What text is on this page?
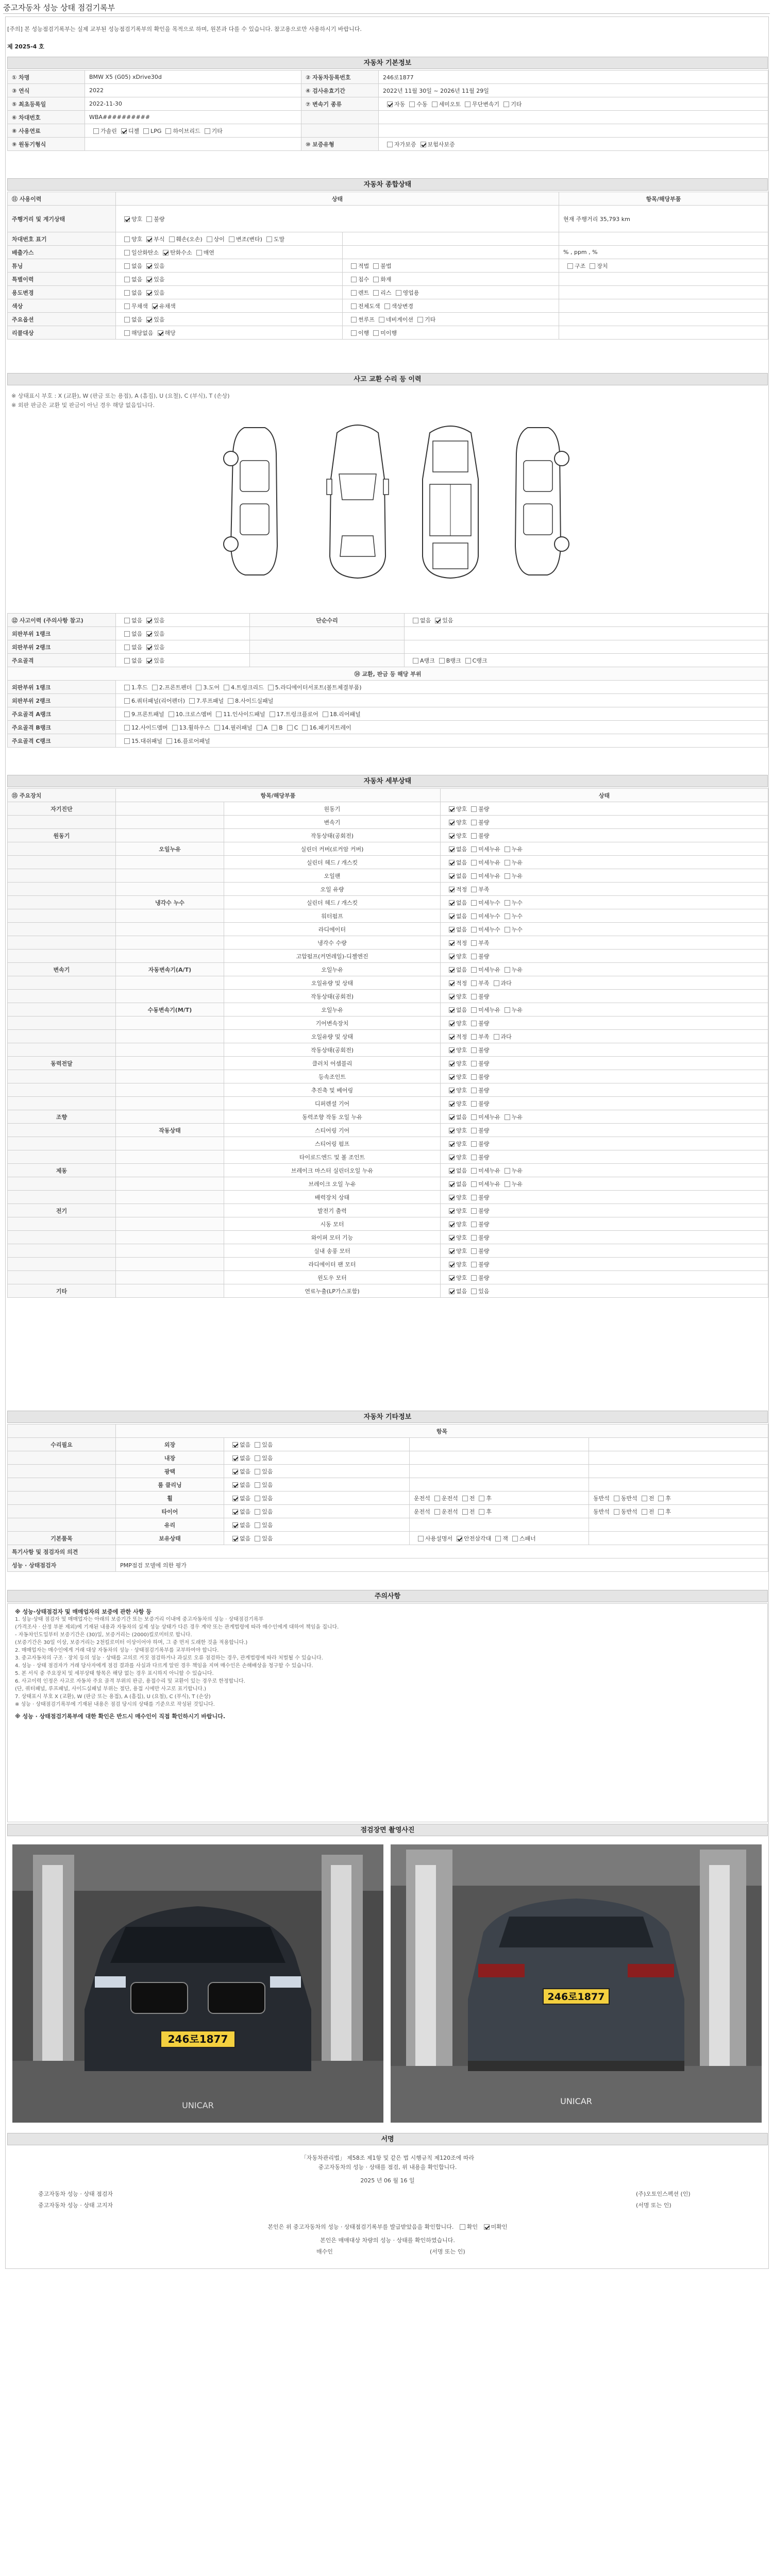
중고자동차 성능 상태 점검기록부
[주의] 본 성능점검기록부는 실제 교부된 성능점검기록부의 확인을 목적으로 하며, 원본과 다를 수 있습니다. 참고용으로만 사용하시기 바랍니다.
제 2025-4 호
자동차 기본정보
① 차명	BMW X5 (G05) xDrive30d	② 자동차등록번호	246로1877
③ 연식	2022	④ 검사유효기간	2022년 11월 30일 ~ 2026년 11월 29일
⑤ 최초등록일	2022-11-30	⑦ 변속기 종류	자동 수동 세미오토 무단변속기 기타
⑥ 차대번호	WBA##########		
⑧ 사용연료	가솔린 디젤 LPG 하이브리드 기타		
⑨ 원동기형식		⑩ 보증유형	자가보증 보험사보증
자동차 종합상태
⑪ 사용이력	상태		항목/해당부품
주행거리 및 계기상태	양호 불량		현재 주행거리 35,793 km
차대번호 표기	양호 부식 훼손(오손) 상이 변조(변타) 도말		
배출가스	일산화탄소 탄화수소 매연		% , ppm , %
튜닝	없음 있음	적법 불법	구조 장치
특별이력	없음 있음	침수 화재	
용도변경	없음 있음	렌트 리스 영업용	
색상	무채색 유채색	전체도색 색상변경	
주요옵션	없음 있음	썬루프 네비게이션 기타	
리콜대상	해당없음 해당	이행 미이행	
사고 교환 수리 등 이력
※ 상태표시 부호 : X (교환), W (판금 또는 용접), A (흠집), U (요철), C (부식), T (손상)
※ 외판 판금은 교환 및 판금이 아닌 경우 해당 없음입니다.
⑫ 사고이력 (주의사항 참고)	없음 있음	단순수리	없음 있음
외판부위 1랭크	없음 있음		
외판부위 2랭크	없음 있음		
주요골격	없음 있음		A랭크 B랭크 C랭크
⑭ 교환, 판금 등 해당 부위			
외판부위 1랭크	1.후드 2.프론트펜더 3.도어 4.트렁크리드 5.라디에이터서포트(볼트체결부품)		
외판부위 2랭크	6.쿼터패널(리어펜더) 7.루프패널 8.사이드실패널		
주요골격 A랭크	9.프론트패널 10.크로스멤버 11.인사이드패널 17.트렁크플로어 18.리어패널		
주요골격 B랭크	12.사이드멤버 13.휠하우스 14.필러패널 A B C 16.패키지트레이		
주요골격 C랭크	15.대쉬패널 16.플로어패널		
자동차 세부상태
⑮ 주요장치	항목/해당부품		상태
자기진단		원동기	양호 불량
		변속기	양호 불량
원동기		작동상태(공회전)	양호 불량
	오일누유	실린더 커버(로커암 커버)	없음 미세누유 누유
		실린더 헤드 / 개스킷	없음 미세누유 누유
		오일팬	없음 미세누유 누유
		오일 유량	적정 부족
	냉각수 누수	실린더 헤드 / 개스킷	없음 미세누수 누수
		워터펌프	없음 미세누수 누수
		라디에이터	없음 미세누수 누수
		냉각수 수량	적정 부족
		고압펌프(커먼레일)-디젤엔진	양호 불량
변속기	자동변속기(A/T)	오일누유	없음 미세누유 누유
		오일유량 및 상태	적정 부족 과다
		작동상태(공회전)	양호 불량
	수동변속기(M/T)	오일누유	없음 미세누유 누유
		기어변속장치	양호 불량
		오일유량 및 상태	적정 부족 과다
		작동상태(공회전)	양호 불량
동력전달		클러치 어셈블리	양호 불량
		등속조인트	양호 불량
		추진축 및 베어링	양호 불량
		디퍼렌셜 기어	양호 불량
조향		동력조향 작동 오일 누유	없음 미세누유 누유
	작동상태	스티어링 기어	양호 불량
		스티어링 펌프	양호 불량
		타이로드엔드 및 볼 조인트	양호 불량
제동		브레이크 마스터 실린더오일 누유	없음 미세누유 누유
		브레이크 오일 누유	없음 미세누유 누유
		배력장치 상태	양호 불량
전기		발전기 출력	양호 불량
		시동 모터	양호 불량
		와이퍼 모터 기능	양호 불량
		실내 송풍 모터	양호 불량
		라디에이터 팬 모터	양호 불량
		윈도우 모터	양호 불량
기타		연료누출(LP가스포함)	없음 있음
자동차 기타정보
	항목			
수리필요	외장	없음 있음		
	내장	없음 있음		
	광택	없음 있음		
	룸 클리닝	없음 있음		
	휠	없음 있음	운전석 운전석 전 후	동반석 동반석 전 후
	타이어	없음 있음	운전석 운전석 전 후	동반석 동반석 전 후
	유리	없음 있음		
기본품목	보유상태	없음 있음	사용설명서 안전삼각대 잭 스패너	
특기사항 및 점검자의 의견				
성능 · 상태점검자	PMP점검 모델에 의한 평가			
주의사항

※ 성능·상태점검자 및 매매업자의 보증에 관한 사항 등

1. 성능·상태 점검자 및 매매업자는 아래의 보증기간 또는 보증거리 이내에 중고자동차의 성능 · 상태점검기록부

(가격조사 · 산정 부분 제외)에 기재된 내용과 자동차의 실제 성능 상태가 다른 경우 계약 또는 관계법령에 따라 매수인에게 대하여 책임을 집니다.

- 자동차인도일부터 보증기간은 (30)일, 보증거리는 (2000)킬로미터로 합니다.

(보증기간은 30일 이상, 보증거리는 2천킬로미터 이상이어야 하며, 그 중 먼저 도래한 것을 적용합니다.)

2. 매매업자는 매수인에게 거래 대상 자동차의 성능 · 상태점검기록부를 교부하여야 합니다.

3. 중고자동차의 구조 · 장치 등의 성능 · 상태를 고의로 거짓 점검하거나 과실로 오류 점검하는 경우, 관계법령에 따라 처벌될 수 있습니다.

4. 성능 · 상태 점검자가 거래 당사자에게 점검 결과를 사실과 다르게 알린 경우 책임을 지며 매수인은 손해배상을 청구할 수 있습니다.

5. 본 서식 중 주요장치 및 세부상태 항목은 해당 없는 경우 표시하지 아니할 수 있습니다.

6. 사고이력 인정은 사고로 자동차 주요 골격 부위의 판금, 용접수리 및 교환이 있는 경우로 한정합니다.

(단, 쿼터패널, 루프패널, 사이드실패널 부위는 절단, 용접 시에만 사고로 표기합니다.)

7. 상태표시 부호 X (교환), W (판금 또는 용접), A (흠집), U (요철), C (부식), T (손상)

※ 성능 · 상태점검기록부에 기재된 내용은 점검 당시의 상태를 기준으로 작성된 것입니다.

※ 성능 · 상태점검기록부에 대한 확인은 반드시 매수인이 직접 확인하시기 바랍니다.

점검장면 촬영사진
246로1877
UNICAR
246로1877
UNICAR
서명
「자동차관리법」 제58조 제1항 및 같은 법 시행규칙 제120조에 따라
중고자동차의 성능 · 상태를 점검, 위 내용을 확인합니다.
2025 년 06 월 16 일
중고자동차 성능 · 상태 점검자	(주)오토인스펙션 (인)
중고자동차 성능 · 상태 고지자	(서명 또는 인)
본인은 위 중고자동차의 성능 · 상태점검기록부를 발급받았음을 확인합니다. 확인 미확인
본인은 매매대상 차량의 성능 · 상태를 확인하였습니다.
매수인	(서명 또는 인)
